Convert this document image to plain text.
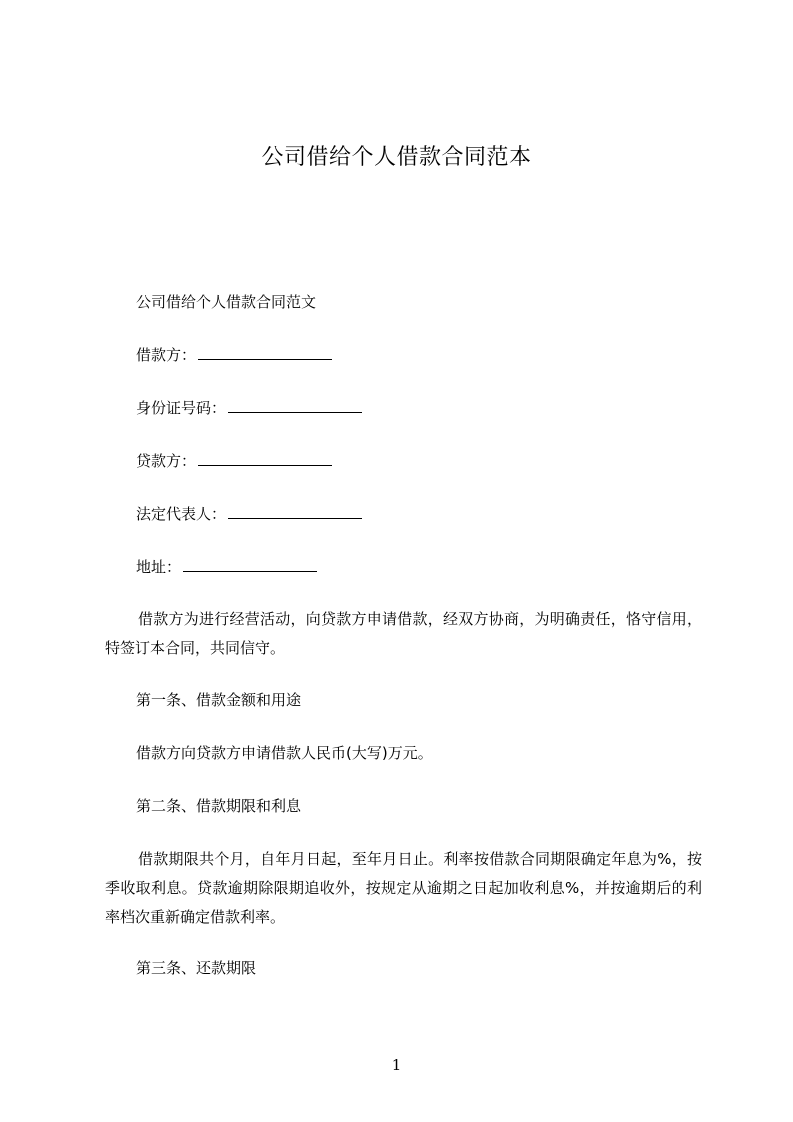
公司借给个人借款合同范本
公司借给个人借款合同范文
借款方：
身份证号码：
贷款方：
法定代表人：
地址：
借款方为进行经营活动，向贷款方申请借款，经双方协商，为明确责任，恪守信用，特签订本合同，共同信守。
第一条、借款金额和用途
借款方向贷款方申请借款人民币(大写)万元。
第二条、借款期限和利息
借款期限共个月，自年月日起，至年月日止。利率按借款合同期限确定年息为%，按季收取利息。贷款逾期除限期追收外，按规定从逾期之日起加收利息%，并按逾期后的利率档次重新确定借款利率。
第三条、还款期限
1
